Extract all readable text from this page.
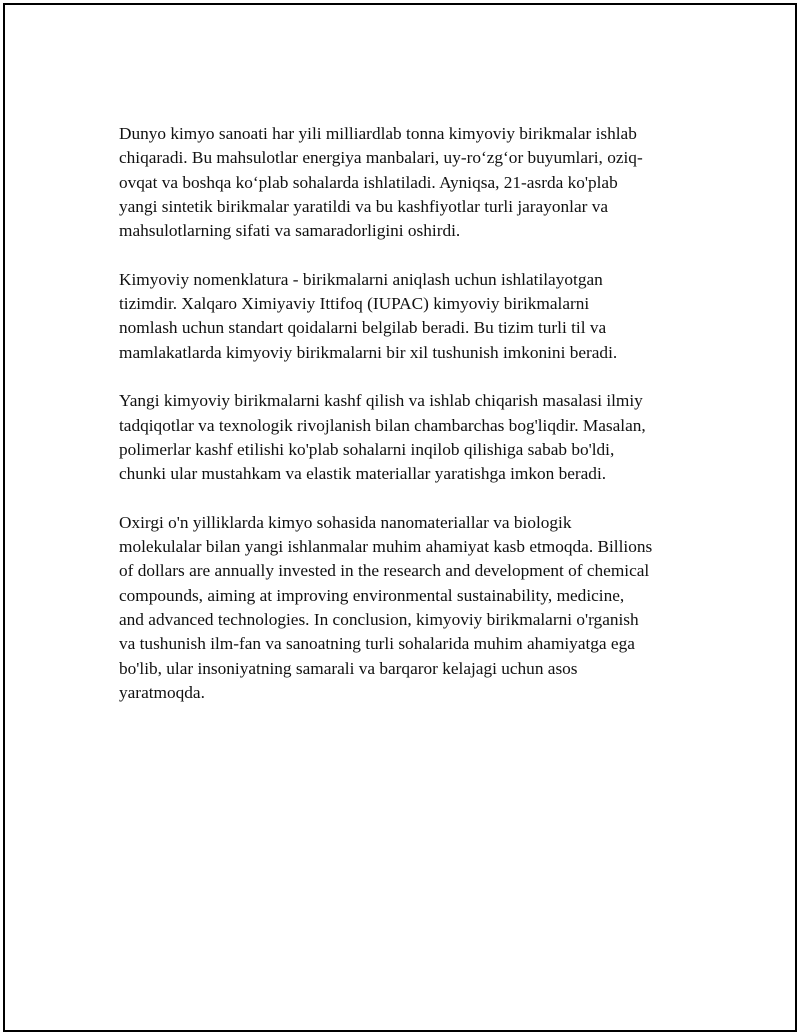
Dunyo kimyo sanoati har yili milliardlab tonna kimyoviy birikmalar ishlab
chiqaradi. Bu mahsulotlar energiya manbalari, uy-ro‘zg‘or buyumlari, oziq-
ovqat va boshqa ko‘plab sohalarda ishlatiladi. Ayniqsa, 21-asrda ko'plab
yangi sintetik birikmalar yaratildi va bu kashfiyotlar turli jarayonlar va
mahsulotlarning sifati va samaradorligini oshirdi.

Kimyoviy nomenklatura - birikmalarni aniqlash uchun ishlatilayotgan
tizimdir. Xalqaro Ximiyaviy Ittifoq (IUPAC) kimyoviy birikmalarni
nomlash uchun standart qoidalarni belgilab beradi. Bu tizim turli til va
mamlakatlarda kimyoviy birikmalarni bir xil tushunish imkonini beradi.

Yangi kimyoviy birikmalarni kashf qilish va ishlab chiqarish masalasi ilmiy
tadqiqotlar va texnologik rivojlanish bilan chambarchas bog'liqdir. Masalan,
polimerlar kashf etilishi ko'plab sohalarni inqilob qilishiga sabab bo'ldi,
chunki ular mustahkam va elastik materiallar yaratishga imkon beradi.

Oxirgi o'n yilliklarda kimyo sohasida nanomateriallar va biologik
molekulalar bilan yangi ishlanmalar muhim ahamiyat kasb etmoqda. Billions
of dollars are annually invested in the research and development of chemical
compounds, aiming at improving environmental sustainability, medicine,
and advanced technologies. In conclusion, kimyoviy birikmalarni o'rganish
va tushunish ilm-fan va sanoatning turli sohalarida muhim ahamiyatga ega
bo'lib, ular insoniyatning samarali va barqaror kelajagi uchun asos
yaratmoqda.
